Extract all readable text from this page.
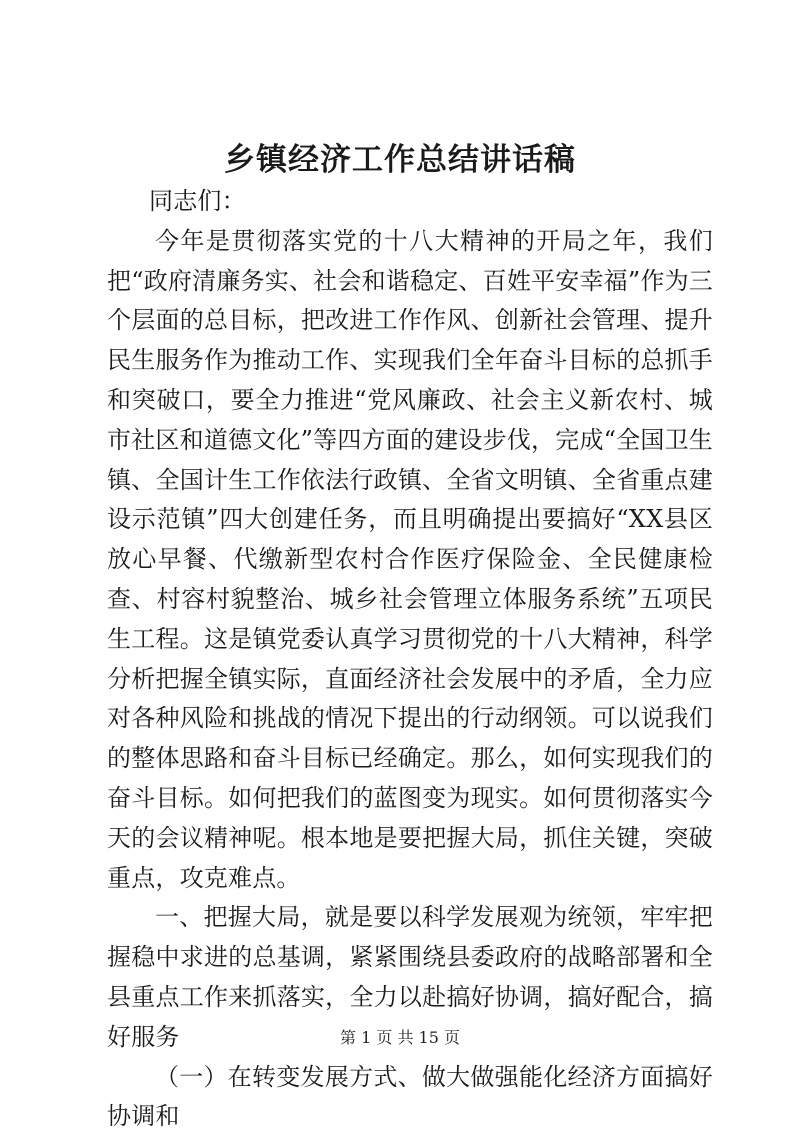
乡镇经济工作总结讲话稿

同志们：

今年是贯彻落实党的十八大精神的开局之年，我们把“政府清廉务实、社会和谐稳定、百姓平安幸福”作为三个层面的总目标，把改进工作作风、创新社会管理、提升民生服务作为推动工作、实现我们全年奋斗目标的总抓手和突破口，要全力推进“党风廉政、社会主义新农村、城市社区和道德文化”等四方面的建设步伐，完成“全国卫生镇、全国计生工作依法行政镇、全省文明镇、全省重点建设示范镇”四大创建任务，而且明确提出要搞好“XX县区放心早餐、代缴新型农村合作医疗保险金、全民健康检查、村容村貌整治、城乡社会管理立体服务系统”五项民生工程。这是镇党委认真学习贯彻党的十八大精神，科学分析把握全镇实际，直面经济社会发展中的矛盾，全力应对各种风险和挑战的情况下提出的行动纲领。可以说我们的整体思路和奋斗目标已经确定。那么，如何实现我们的奋斗目标。如何把我们的蓝图变为现实。如何贯彻落实今天的会议精神呢。根本地是要把握大局，抓住关键，突破重点，攻克难点。

一、把握大局，就是要以科学发展观为统领，牢牢把握稳中求进的总基调，紧紧围绕县委政府的战略部署和全县重点工作来抓落实，全力以赴搞好协调，搞好配合，搞好服务

（一）在转变发展方式、做大做强能化经济方面搞好协调和

第 1 页 共 15 页
